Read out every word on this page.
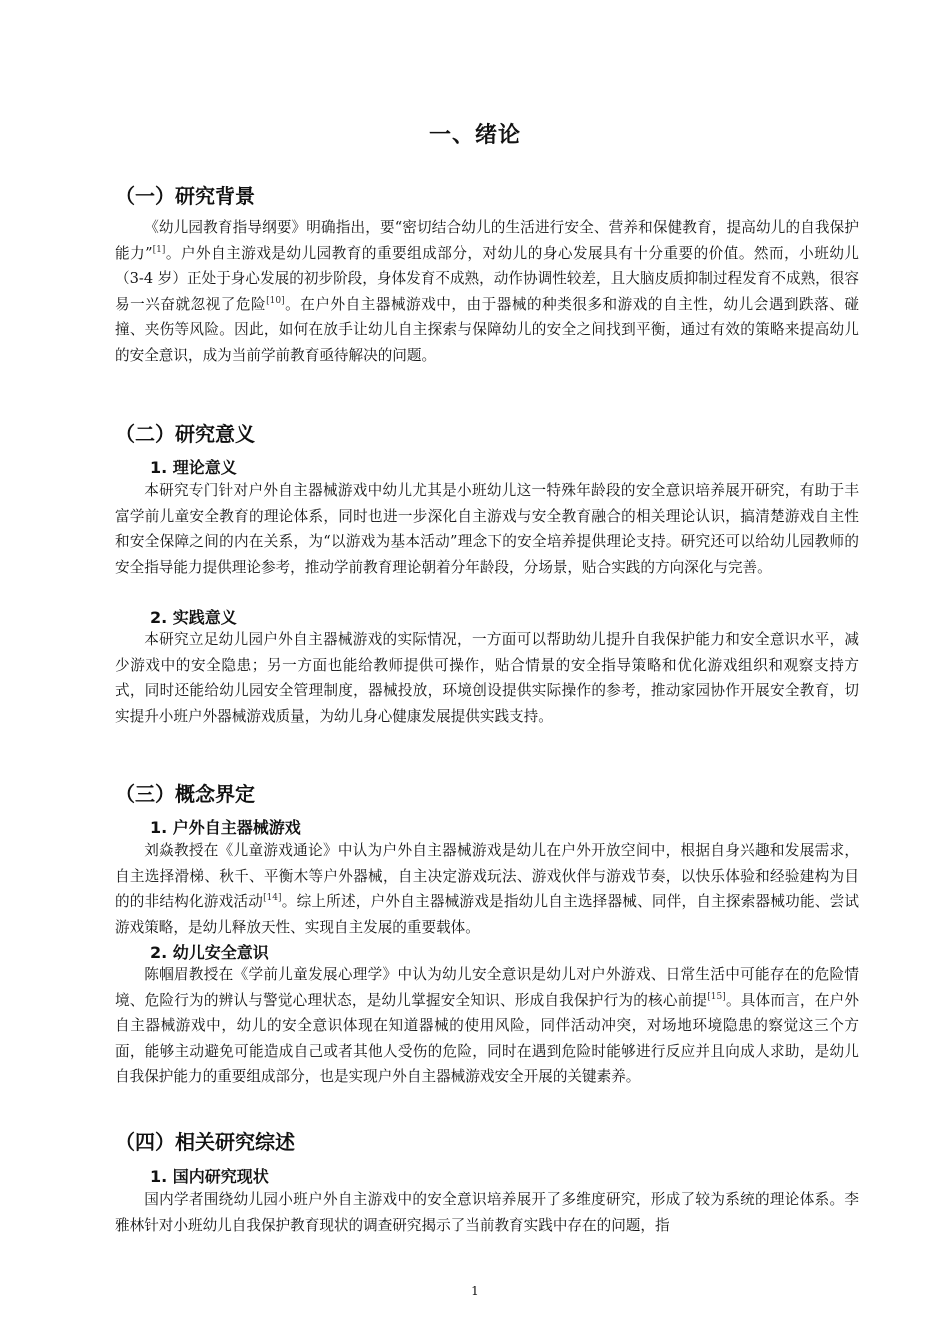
一、绪论
（一）研究背景

《幼儿园教育指导纲要》明确指出，要“密切结合幼儿的生活进行安全、营养和保健教育，提高幼儿的自我保护能力”[1]。户外自主游戏是幼儿园教育的重要组成部分，对幼儿的身心发展具有十分重要的价值。然而，小班幼儿（3-4 岁）正处于身心发展的初步阶段，身体发育不成熟，动作协调性较差，且大脑皮质抑制过程发育不成熟，很容易一兴奋就忽视了危险[10]。在户外自主器械游戏中，由于器械的种类很多和游戏的自主性，幼儿会遇到跌落、碰撞、夹伤等风险。因此，如何在放手让幼儿自主探索与保障幼儿的安全之间找到平衡，通过有效的策略来提高幼儿的安全意识，成为当前学前教育亟待解决的问题。

（二）研究意义
1. 理论意义

本研究专门针对户外自主器械游戏中幼儿尤其是小班幼儿这一特殊年龄段的安全意识培养展开研究，有助于丰富学前儿童安全教育的理论体系，同时也进一步深化自主游戏与安全教育融合的相关理论认识，搞清楚游戏自主性和安全保障之间的内在关系，为“以游戏为基本活动”理念下的安全培养提供理论支持。研究还可以给幼儿园教师的安全指导能力提供理论参考，推动学前教育理论朝着分年龄段，分场景，贴合实践的方向深化与完善。

2. 实践意义

本研究立足幼儿园户外自主器械游戏的实际情况，一方面可以帮助幼儿提升自我保护能力和安全意识水平，减少游戏中的安全隐患；另一方面也能给教师提供可操作，贴合情景的安全指导策略和优化游戏组织和观察支持方式，同时还能给幼儿园安全管理制度，器械投放，环境创设提供实际操作的参考，推动家园协作开展安全教育，切实提升小班户外器械游戏质量，为幼儿身心健康发展提供实践支持。

（三）概念界定
1. 户外自主器械游戏

刘焱教授在《儿童游戏通论》中认为户外自主器械游戏是幼儿在户外开放空间中，根据自身兴趣和发展需求，自主选择滑梯、秋千、平衡木等户外器械，自主决定游戏玩法、游戏伙伴与游戏节奏，以快乐体验和经验建构为目的的非结构化游戏活动[14]。综上所述，户外自主器械游戏是指幼儿自主选择器械、同伴，自主探索器械功能、尝试游戏策略，是幼儿释放天性、实现自主发展的重要载体。

2. 幼儿安全意识

陈帼眉教授在《学前儿童发展心理学》中认为幼儿安全意识是幼儿对户外游戏、日常生活中可能存在的危险情境、危险行为的辨认与警觉心理状态，是幼儿掌握安全知识、形成自我保护行为的核心前提[15]。具体而言，在户外自主器械游戏中，幼儿的安全意识体现在知道器械的使用风险，同伴活动冲突，对场地环境隐患的察觉这三个方面，能够主动避免可能造成自己或者其他人受伤的危险，同时在遇到危险时能够进行反应并且向成人求助，是幼儿自我保护能力的重要组成部分，也是实现户外自主器械游戏安全开展的关键素养。

（四）相关研究综述
1. 国内研究现状

国内学者围绕幼儿园小班户外自主游戏中的安全意识培养展开了多维度研究，形成了较为系统的理论体系。李雅林针对小班幼儿自我保护教育现状的调查研究揭示了当前教育实践中存在的问题，指

1
